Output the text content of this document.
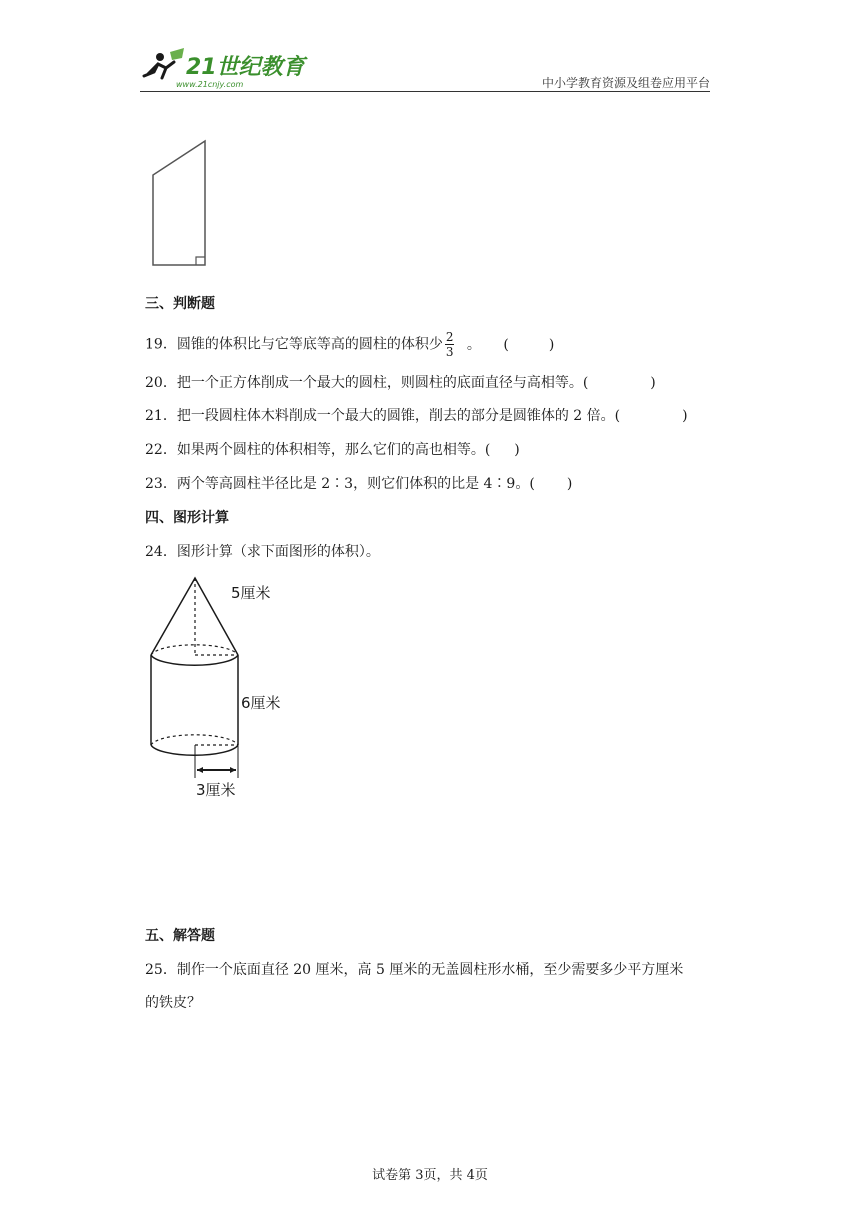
21世纪教育
www.21cnjy.com	中小学教育资源及组卷应用平台
三、判断题
19．圆锥的体积比与它等底等高的圆柱的体积少 $\frac{2}{3}$ 。 (	)
20．把一个正方体削成一个最大的圆柱，则圆柱的底面直径与高相等。(	)
21．把一段圆柱体木料削成一个最大的圆锥，削去的部分是圆锥体的 2 倍。(	)
22．如果两个圆柱的体积相等，那么它们的高也相等。( )
23．两个等高圆柱半径比是 2∶3，则它们体积的比是 4∶9。( )
四、图形计算
24．图形计算（求下面图形的体积）。
5厘米
6厘米
3厘米
五、解答题
25．制作一个底面直径 20 厘米，高 5 厘米的无盖圆柱形水桶，至少需要多少平方厘米
的铁皮？
试卷第 3页，共 4页
